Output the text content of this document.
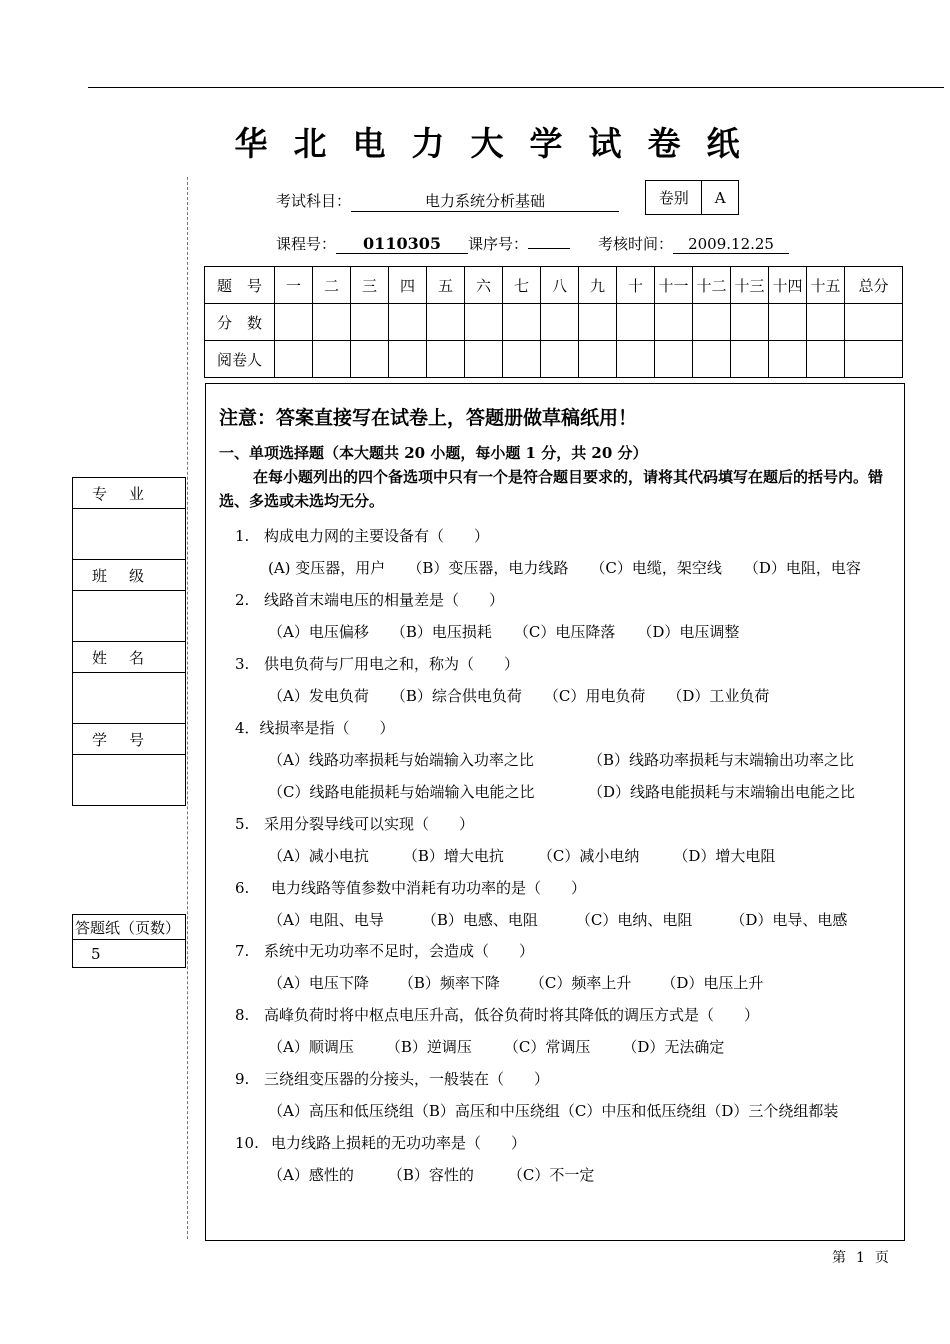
华北电力大学试卷纸
考试科目：	电力系统分析基础	卷别	A
课程号： 0110305 课序号：	考核时间： 2009.12.25
题　号	一	二	三	四	五	六	七	八	九	十	十一	十二	十三	十四	十五	总分
分　数																
阅卷人																
专业
班级
姓名
学号
答题纸（页数）
5
注意：答案直接写在试卷上，答题册做草稿纸用！
一、单项选择题（本大题共 20 小题，每小题 1 分，共 20 分）
在每小题列出的四个备选项中只有一个是符合题目要求的，请将其代码填写在题后的括号内。错选、多选或未选均无分。
1. 构成电力网的主要设备有（　　）
(A) 变压器，用户 （B）变压器，电力线路 （C）电缆，架空线 （D）电阻，电容
2. 线路首末端电压的相量差是（　　）
（A）电压偏移 （B）电压损耗 （C）电压降落 （D）电压调整
3. 供电负荷与厂用电之和，称为（　　）
（A）发电负荷 （B）综合供电负荷 （C）用电负荷 （D）工业负荷
4．线损率是指（　　）
（A）线路功率损耗与始端输入功率之比	（B）线路功率损耗与末端输出功率之比
（C）线路电能损耗与始端输入电能之比	（D）线路电能损耗与末端输出电能之比
5. 采用分裂导线可以实现（　　）
（A）减小电抗 （B）增大电抗 （C）减小电纳 （D）增大电阻
6. 电力线路等值参数中消耗有功功率的是（　　）
（A）电阻、电导	（B）电感、电阻	（C）电纳、电阻	（D）电导、电感
7. 系统中无功功率不足时，会造成（　　）
（A）电压下降 （B）频率下降 （C）频率上升 （D）电压上升
8. 高峰负荷时将中枢点电压升高，低谷负荷时将其降低的调压方式是（　　）
（A）顺调压 （B）逆调压 （C）常调压 （D）无法确定
9. 三绕组变压器的分接头，一般装在（　　）
（A）高压和低压绕组（B）高压和中压绕组（C）中压和低压绕组（D）三个绕组都装
10. 电力线路上损耗的无功功率是（　　）
（A）感性的 （B）容性的 （C）不一定
第1页
